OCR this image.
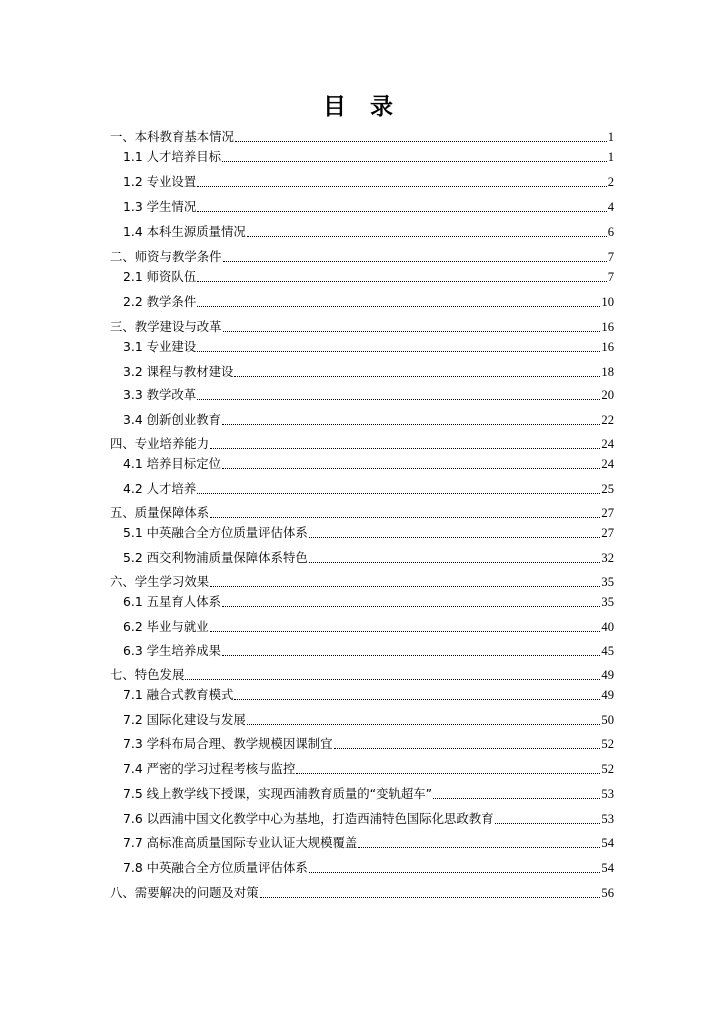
目 录
一、本科教育基本情况	1
1.1 人才培养目标	1
1.2 专业设置	2
1.3 学生情况	4
1.4 本科生源质量情况	6
二、师资与教学条件	7
2.1 师资队伍	7
2.2 教学条件	10
三、教学建设与改革	16
3.1 专业建设	16
3.2 课程与教材建设	18
3.3 教学改革	20
3.4 创新创业教育	22
四、专业培养能力	24
4.1 培养目标定位	24
4.2 人才培养	25
五、质量保障体系	27
5.1 中英融合全方位质量评估体系	27
5.2 西交利物浦质量保障体系特色	32
六、学生学习效果	35
6.1 五星育人体系	35
6.2 毕业与就业	40
6.3 学生培养成果	45
七、特色发展	49
7.1 融合式教育模式	49
7.2 国际化建设与发展	50
7.3 学科布局合理、教学规模因课制宜	52
7.4 严密的学习过程考核与监控	52
7.5 线上教学线下授课，实现西浦教育质量的“变轨超车”	53
7.6 以西浦中国文化教学中心为基地，打造西浦特色国际化思政教育	53
7.7 高标准高质量国际专业认证大规模覆盖	54
7.8 中英融合全方位质量评估体系	54
八、需要解决的问题及对策	56
